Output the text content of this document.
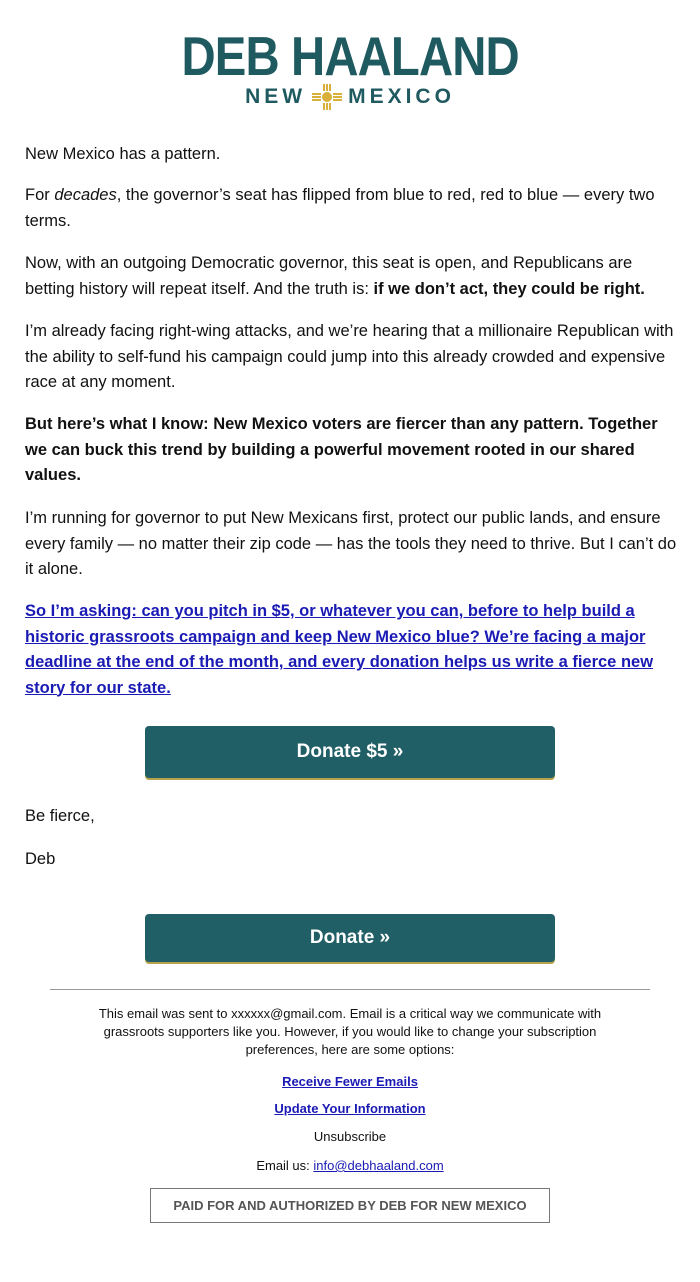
DEB HAALAND
NEW MEXICO

New Mexico has a pattern.

For decades, the governor’s seat has flipped from blue to red, red to blue — every two terms.

Now, with an outgoing Democratic governor, this seat is open, and Republicans are betting history will repeat itself. And the truth is: if we don’t act, they could be right.

I’m already facing right-wing attacks, and we’re hearing that a millionaire Republican with the ability to self-fund his campaign could jump into this already crowded and expensive race at any moment.

But here’s what I know: New Mexico voters are fiercer than any pattern. Together we can buck this trend by building a powerful movement rooted in our shared values.

I’m running for governor to put New Mexicans first, protect our public lands, and ensure every family — no matter their zip code — has the tools they need to thrive. But I can’t do it alone.

So I’m asking: can you pitch in $5, or whatever you can, before to help build a historic grassroots campaign and keep New Mexico blue? We’re facing a major deadline at the end of the month, and every donation helps us write a fierce new story for our state.

Donate $5 »

Be fierce,

Deb

Donate »
This email was sent to xxxxxx@gmail.com. Email is a critical way we communicate with grassroots supporters like you. However, if you would like to change your subscription preferences, here are some options:
Receive Fewer Emails
Update Your Information
Unsubscribe
Email us: info@debhaaland.com
PAID FOR AND AUTHORIZED BY DEB FOR NEW MEXICO
